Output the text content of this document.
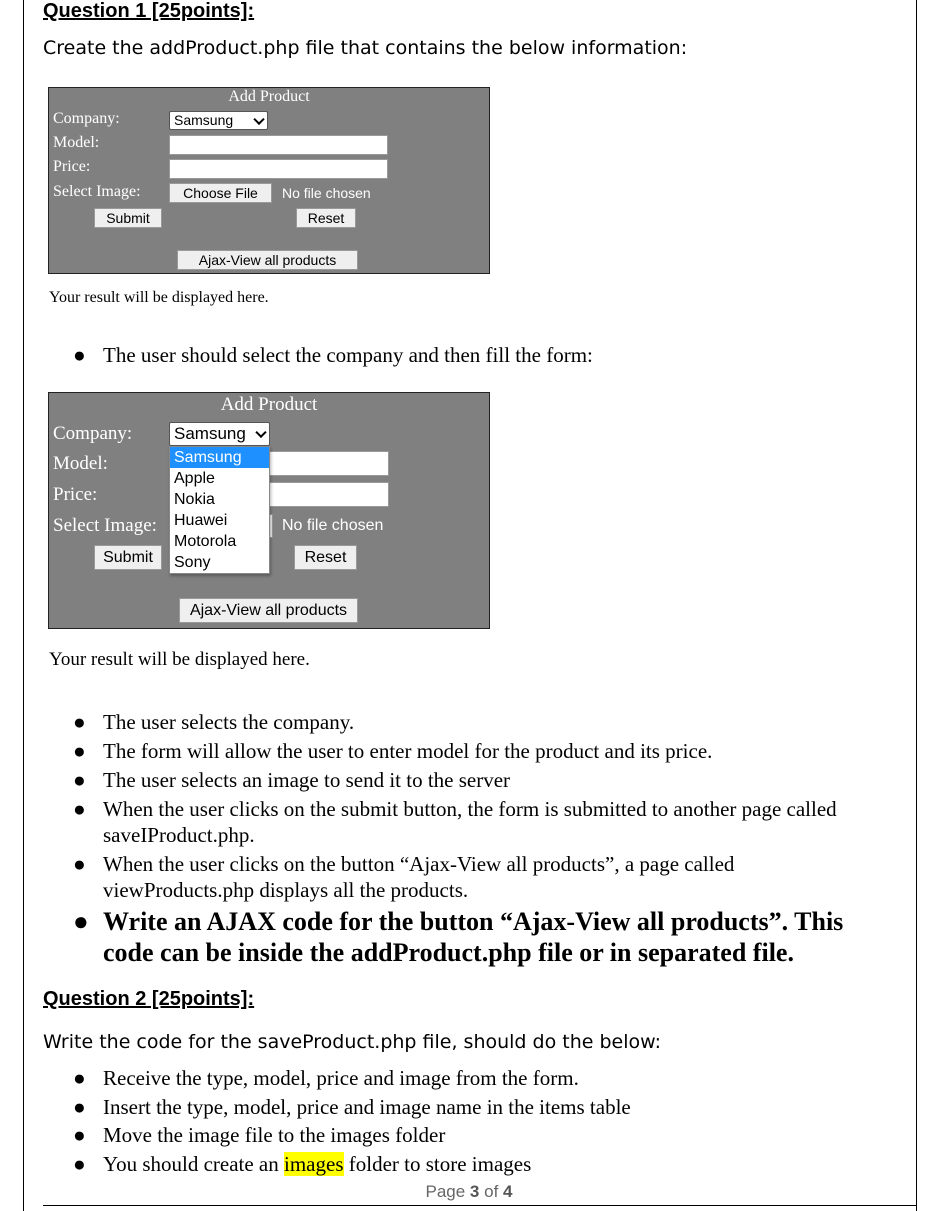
Question 1 [25points]:
Create the addProduct.php file that contains the below information:
Add Product
Company:	Samsung
Model:
Price:
Select Image:	Choose File	No file chosen
Submit	Reset
Ajax-View all products
Your result will be displayed here.
● The user should select the company and then fill the form:
Add Product
Company: Samsung
Model:
Price:
Select Image:	No file chosen
Submit	Reset
Ajax-View all products
Samsung
Apple
Nokia
Huawei
Motorola
Sony
Your result will be displayed here.
● The user selects the company.
● The form will allow the user to enter model for the product and its price.
● The user selects an image to send it to the server
● When the user clicks on the submit button, the form is submitted to another page called saveIProduct.php.
● When the user clicks on the button “Ajax-View all products”, a page called viewProducts.php displays all the products.
● Write an AJAX code for the button “Ajax-View all products”. This code can be inside the addProduct.php file or in separated file.
Question 2 [25points]:
Write the code for the saveProduct.php file, should do the below:
● Receive the type, model, price and image from the form.
● Insert the type, model, price and image name in the items table
● Move the image file to the images folder
● You should create an images folder to store images
Page 3 of 4
